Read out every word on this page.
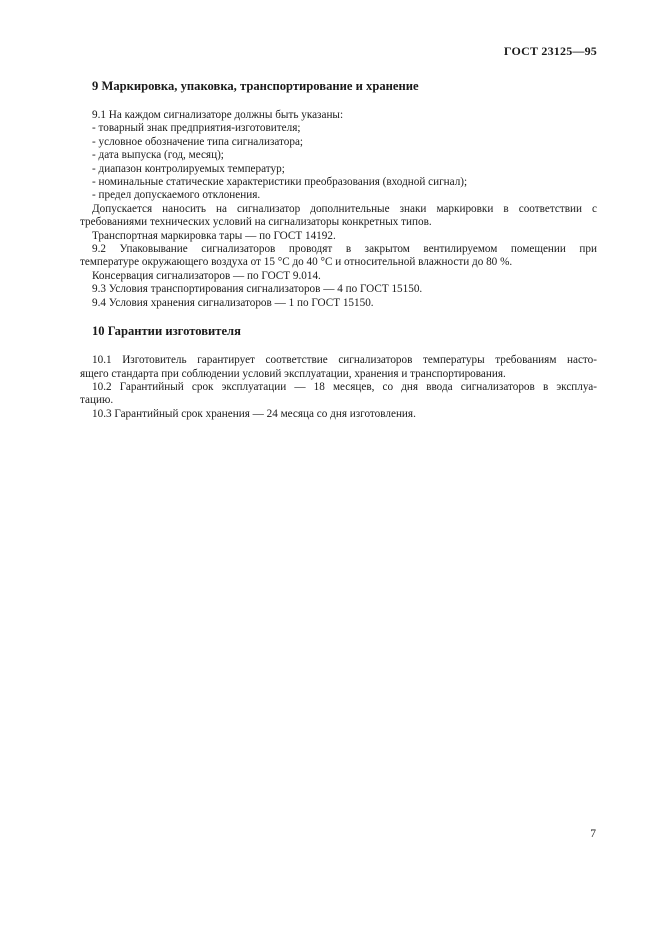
ГОСТ 23125—95
9 Маркировка, упаковка, транспортирование и хранение

9.1 На каждом сигнализаторе должны быть указаны:

- товарный знак предприятия-изготовителя;
- условное обозначение типа сигнализатора;
- дата выпуска (год, месяц);
- диапазон контролируемых температур;
- номинальные статические характеристики преобразования (входной сигнал);
- предел допускаемого отклонения.

Допускается наносить на сигнализатор дополнительные знаки маркировки в соответствии с

требованиями технических условий на сигнализаторы конкретных типов.

Транспортная маркировка тары — по ГОСТ 14192.

9.2 Упаковывание сигнализаторов проводят в закрытом вентилируемом помещении при

температуре окружающего воздуха от 15 °С до 40 °С и относительной влажности до 80 %.

Консервация сигнализаторов — по ГОСТ 9.014.

9.3 Условия транспортирования сигнализаторов — 4 по ГОСТ 15150.

9.4 Условия хранения сигнализаторов — 1 по ГОСТ 15150.

10 Гарантии изготовителя

10.1 Изготовитель гарантирует соответствие сигнализаторов температуры требованиям насто-

ящего стандарта при соблюдении условий эксплуатации, хранения и транспортирования.

10.2 Гарантийный срок эксплуатации — 18 месяцев, со дня ввода сигнализаторов в эксплуа-

тацию.

10.3 Гарантийный срок хранения — 24 месяца со дня изготовления.

7
